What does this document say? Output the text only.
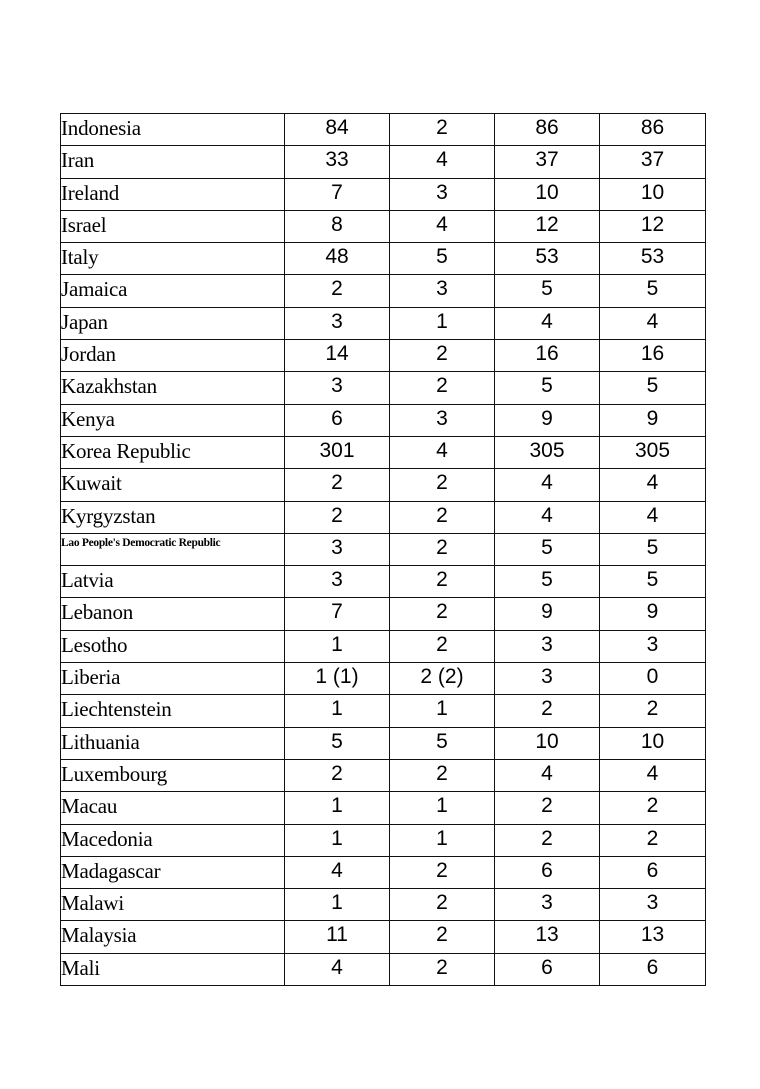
Indonesia	84	2	86	86
Iran	33	4	37	37
Ireland	7	3	10	10
Israel	8	4	12	12
Italy	48	5	53	53
Jamaica	2	3	5	5
Japan	3	1	4	4
Jordan	14	2	16	16
Kazakhstan	3	2	5	5
Kenya	6	3	9	9
Korea Republic	301	4	305	305
Kuwait	2	2	4	4
Kyrgyzstan	2	2	4	4
Lao People's Democratic Republic	3	2	5	5
Latvia	3	2	5	5
Lebanon	7	2	9	9
Lesotho	1	2	3	3
Liberia	1 (1)	2 (2)	3	0
Liechtenstein	1	1	2	2
Lithuania	5	5	10	10
Luxembourg	2	2	4	4
Macau	1	1	2	2
Macedonia	1	1	2	2
Madagascar	4	2	6	6
Malawi	1	2	3	3
Malaysia	11	2	13	13
Mali	4	2	6	6
